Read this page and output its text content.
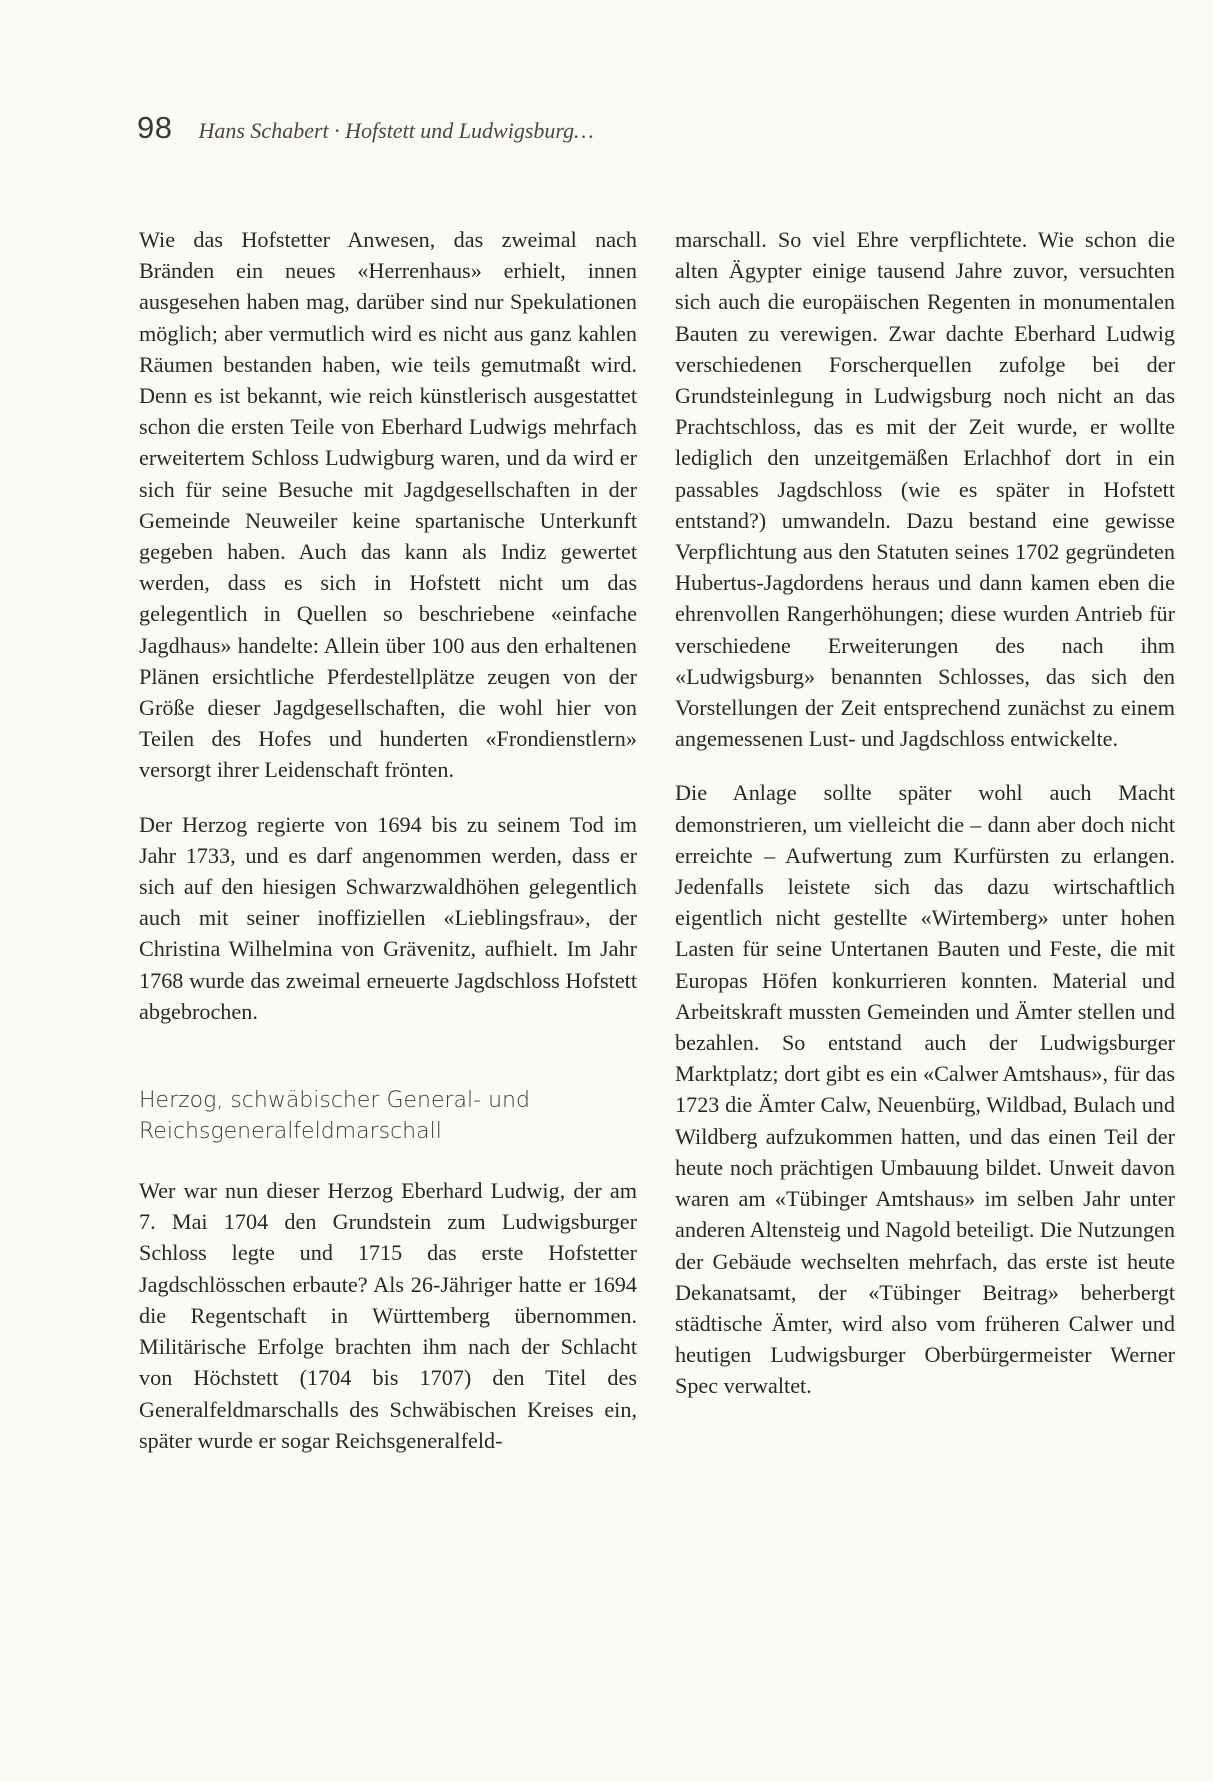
98 Hans Schabert · Hofstett und Ludwigsburg…

Wie das Hofstetter Anwesen, das zweimal nach Bränden ein neues «Herrenhaus» erhielt, innen ausgesehen haben mag, darüber sind nur Spekulationen möglich; aber vermutlich wird es nicht aus ganz kahlen Räumen bestanden haben, wie teils gemutmaßt wird. Denn es ist bekannt, wie reich künstlerisch ausgestattet schon die ersten Teile von Eberhard Ludwigs mehrfach erweitertem Schloss Ludwigburg waren, und da wird er sich für seine Besuche mit Jagdgesellschaften in der Gemeinde Neuweiler keine spartanische Unterkunft gegeben haben. Auch das kann als Indiz gewertet werden, dass es sich in Hofstett nicht um das gelegentlich in Quellen so beschriebene «einfache Jagdhaus» handelte: Allein über 100 aus den erhaltenen Plänen ersichtliche Pferdestellplätze zeugen von der Größe dieser Jagdgesellschaften, die wohl hier von Teilen des Hofes und hunderten «Frondienstlern» versorgt ihrer Leidenschaft frönten.

Der Herzog regierte von 1694 bis zu seinem Tod im Jahr 1733, und es darf angenommen werden, dass er sich auf den hiesigen Schwarzwaldhöhen gelegentlich auch mit seiner inoffiziellen «Lieblingsfrau», der Christina Wilhelmina von Grävenitz, aufhielt. Im Jahr 1768 wurde das zweimal erneuerte Jagdschloss Hofstett abgebrochen.

Herzog, schwäbischer General- und Reichsgeneralfeldmarschall

Wer war nun dieser Herzog Eberhard Ludwig, der am 7. Mai 1704 den Grundstein zum Ludwigsburger Schloss legte und 1715 das erste Hofstetter Jagdschlösschen erbaute? Als 26-Jähriger hatte er 1694 die Regentschaft in Württemberg übernommen. Militärische Erfolge brachten ihm nach der Schlacht von Höchstett (1704 bis 1707) den Titel des Generalfeldmarschalls des Schwäbischen Kreises ein, später wurde er sogar Reichsgeneralfeld-

marschall. So viel Ehre verpflichtete. Wie schon die alten Ägypter einige tausend Jahre zuvor, versuchten sich auch die europäischen Regenten in monumentalen Bauten zu verewigen. Zwar dachte Eberhard Ludwig verschiedenen Forscherquellen zufolge bei der Grundsteinlegung in Ludwigsburg noch nicht an das Prachtschloss, das es mit der Zeit wurde, er wollte lediglich den unzeitgemäßen Erlachhof dort in ein passables Jagdschloss (wie es später in Hofstett entstand?) umwandeln. Dazu bestand eine gewisse Verpflichtung aus den Statuten seines 1702 gegründeten Hubertus-Jagdordens heraus und dann kamen eben die ehrenvollen Rangerhöhungen; diese wurden Antrieb für verschiedene Erweiterungen des nach ihm «Ludwigsburg» benannten Schlosses, das sich den Vorstellungen der Zeit entsprechend zunächst zu einem angemessenen Lust- und Jagdschloss entwickelte.

Die Anlage sollte später wohl auch Macht demonstrieren, um vielleicht die – dann aber doch nicht erreichte – Aufwertung zum Kurfürsten zu erlangen. Jedenfalls leistete sich das dazu wirtschaftlich eigentlich nicht gestellte «Wirtemberg» unter hohen Lasten für seine Untertanen Bauten und Feste, die mit Europas Höfen konkurrieren konnten. Material und Arbeitskraft mussten Gemeinden und Ämter stellen und bezahlen. So entstand auch der Ludwigsburger Marktplatz; dort gibt es ein «Calwer Amtshaus», für das 1723 die Ämter Calw, Neuenbürg, Wildbad, Bulach und Wildberg aufzukommen hatten, und das einen Teil der heute noch prächtigen Umbauung bildet. Unweit davon waren am «Tübinger Amtshaus» im selben Jahr unter anderen Altensteig und Nagold beteiligt. Die Nutzungen der Gebäude wechselten mehrfach, das erste ist heute Dekanatsamt, der «Tübinger Beitrag» beherbergt städtische Ämter, wird also vom früheren Calwer und heutigen Ludwigsburger Oberbürgermeister Werner Spec verwaltet.
